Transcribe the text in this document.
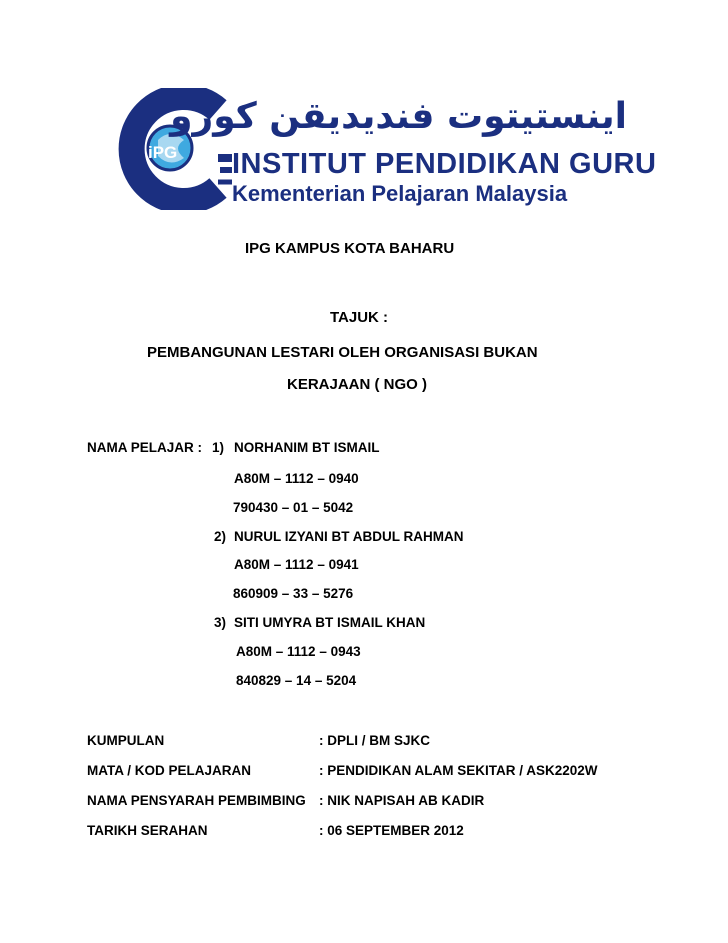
iPG
اينستيتوت فنديديقن كورو
INSTITUT PENDIDIKAN GURU
Kementerian Pelajaran Malaysia
IPG KAMPUS KOTA BAHARU
TAJUK :
PEMBANGUNAN LESTARI OLEH ORGANISASI BUKAN
KERAJAAN ( NGO )
NAMA PELAJAR : 1) NORHANIM BT ISMAIL
A80M – 1112 – 0940
790430 – 01 – 5042
2) NURUL IZYANI BT ABDUL RAHMAN
A80M – 1112 – 0941
860909 – 33 – 5276
3) SITI UMYRA BT ISMAIL KHAN
A80M – 1112 – 0943
840829 – 14 – 5204
KUMPULAN	: DPLI / BM SJKC
MATA / KOD PELAJARAN	: PENDIDIKAN ALAM SEKITAR / ASK2202W
NAMA PENSYARAH PEMBIMBING : NIK NAPISAH AB KADIR
TARIKH SERAHAN	: 06 SEPTEMBER 2012
